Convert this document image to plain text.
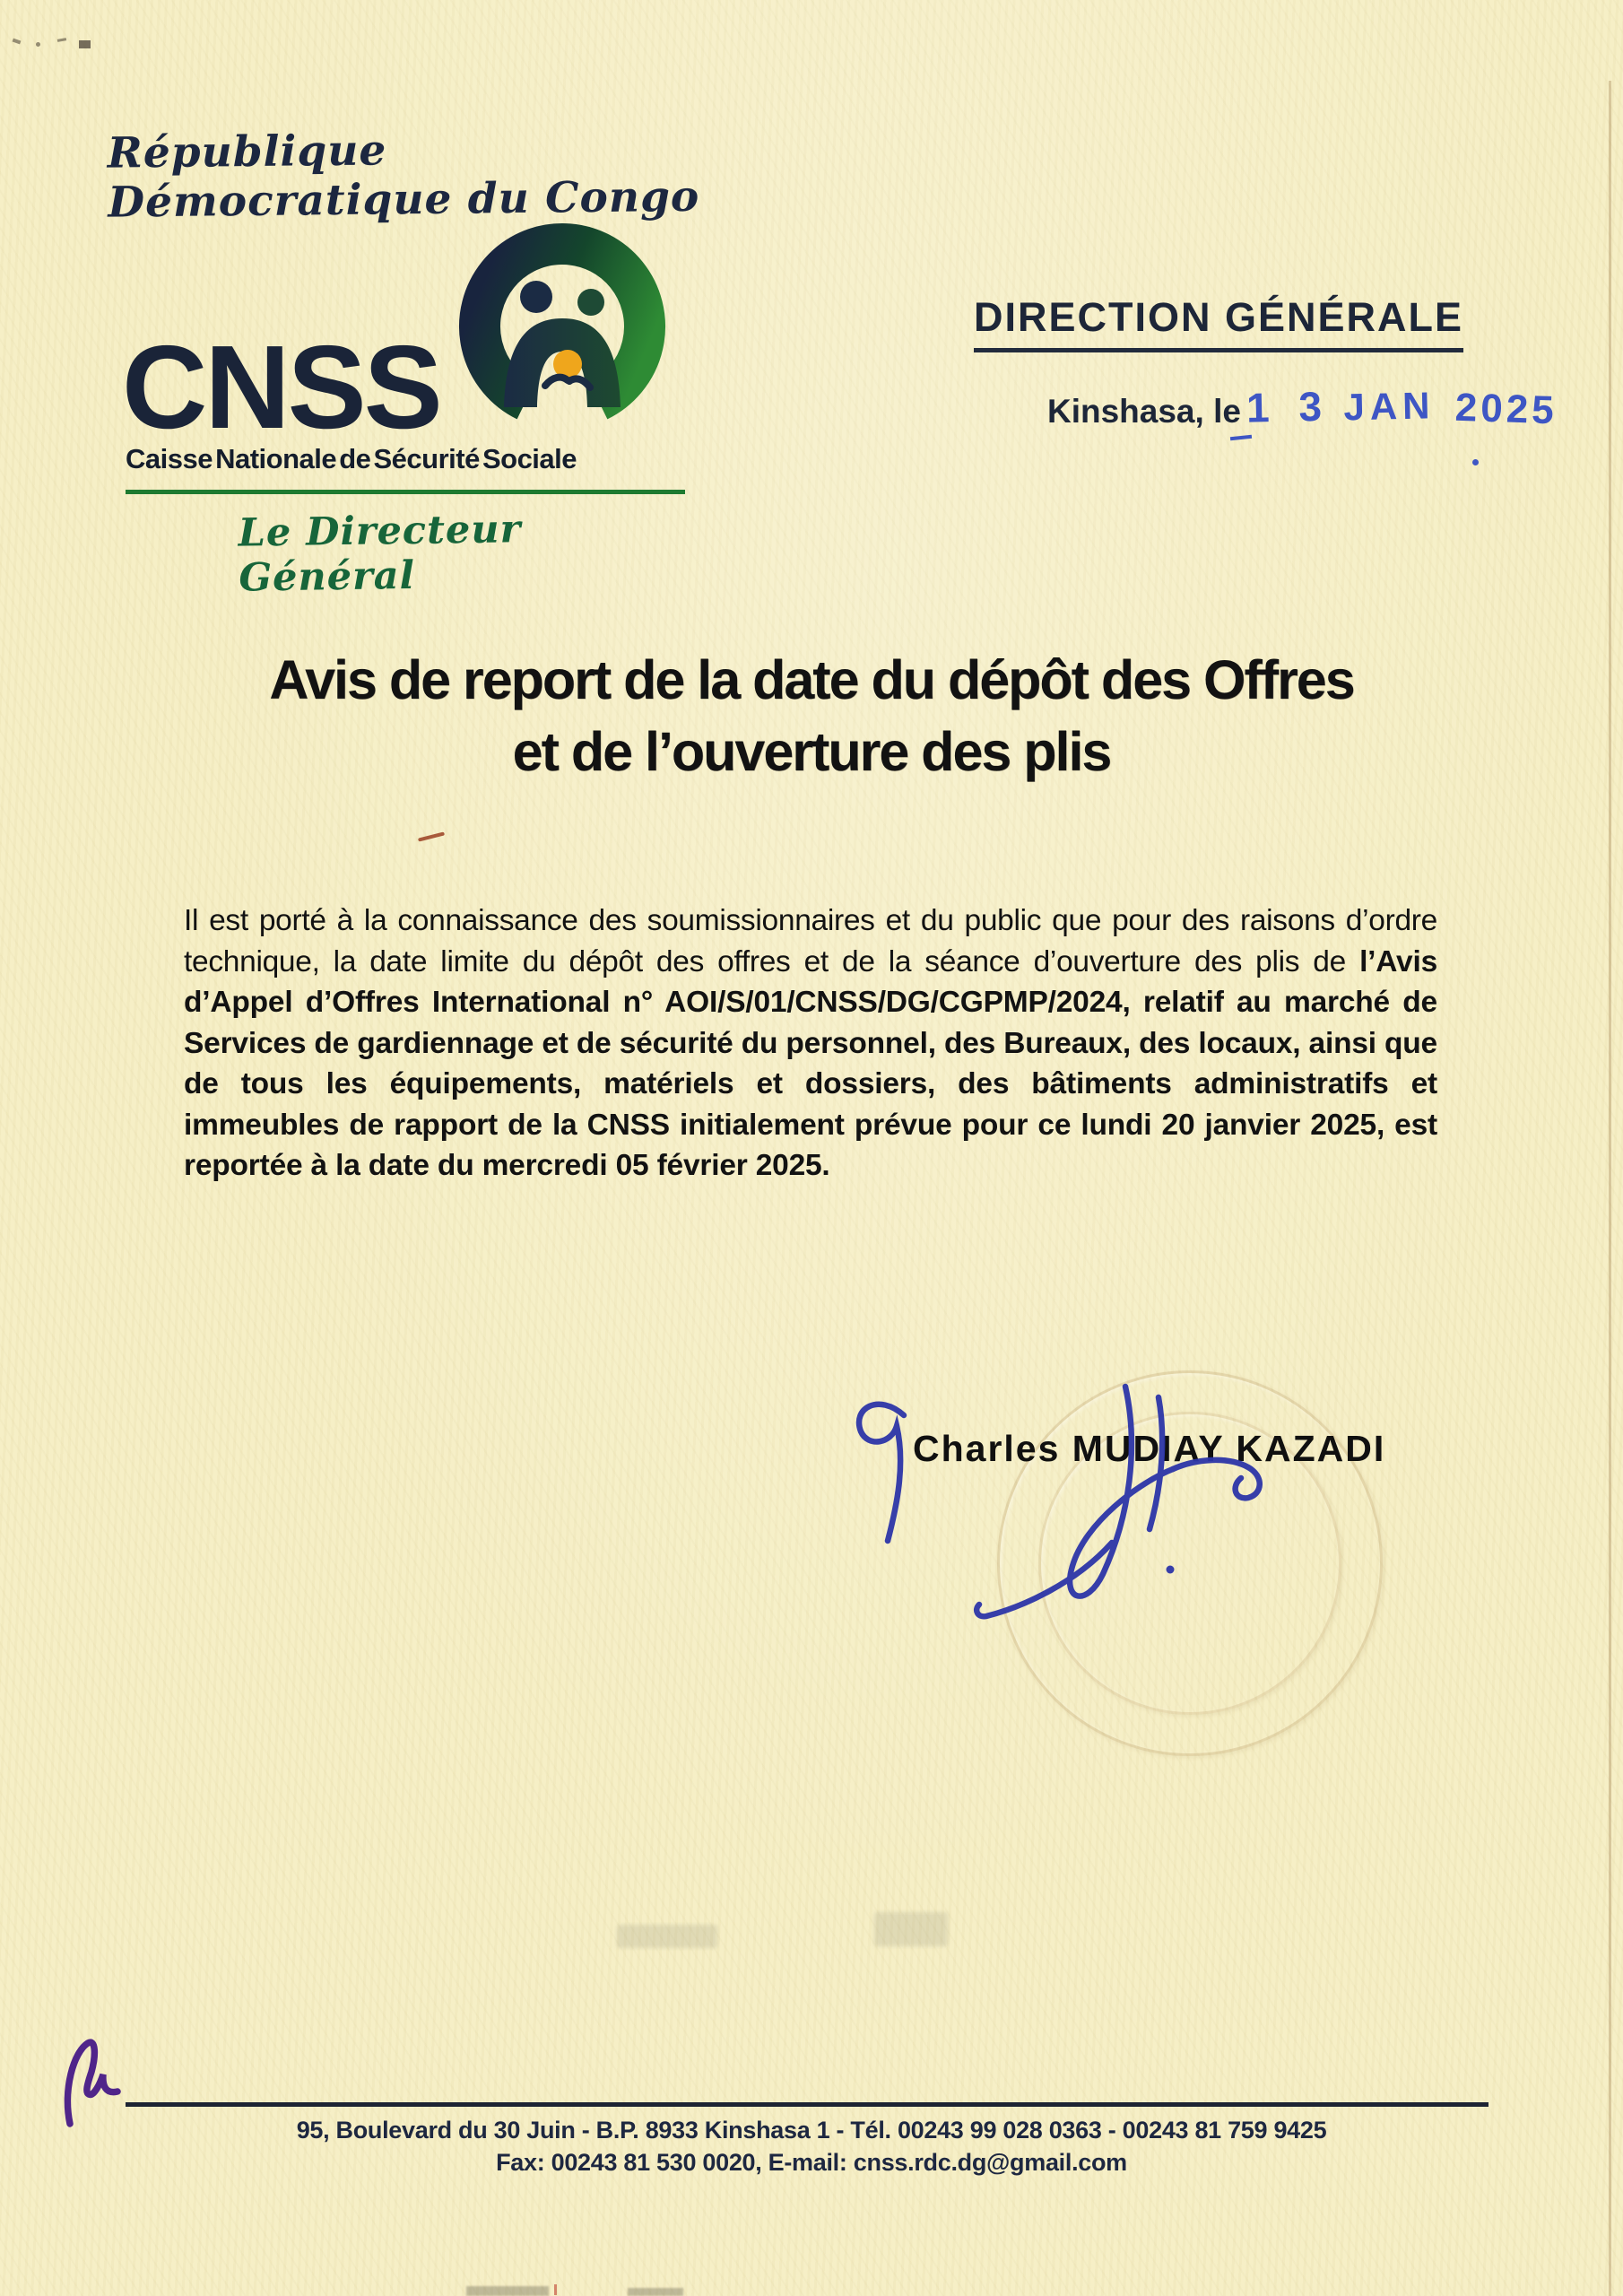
République Démocratique du Congo
CNSS
Caisse Nationale de Sécurité Sociale
Le Directeur Général
DIRECTION GÉNÉRALE
Kinshasa, le 1 3 JAN 2025
Avis de report de la date du dépôt des Offres
et de l’ouverture des plis
Il est porté à la connaissance des soumissionnaires et du public que pour des raisons d’ordre technique, la date limite du dépôt des offres et de la séance d’ouverture des plis de l’Avis d’Appel d’Offres International n° AOI/S/01/CNSS/DG/CGPMP/​2024, relatif au marché de Services de gardiennage et de sécurité du personnel, des Bureaux, des locaux, ainsi que de tous les équipements, matériels et dossiers, des bâtiments administratifs et immeubles de rapport de la CNSS initialement prévue pour ce lundi 20 janvier 2025, est reportée à la date du mercredi 05 février 2025.
Charles MUDIAY KAZADI
95, Boulevard du 30 Juin - B.P. 8933 Kinshasa 1 - Tél. 00243 99 028 0363 - 00243 81 759 9425
Fax: 00243 81 530 0020, E-mail: cnss.rdc.dg@gmail.com
